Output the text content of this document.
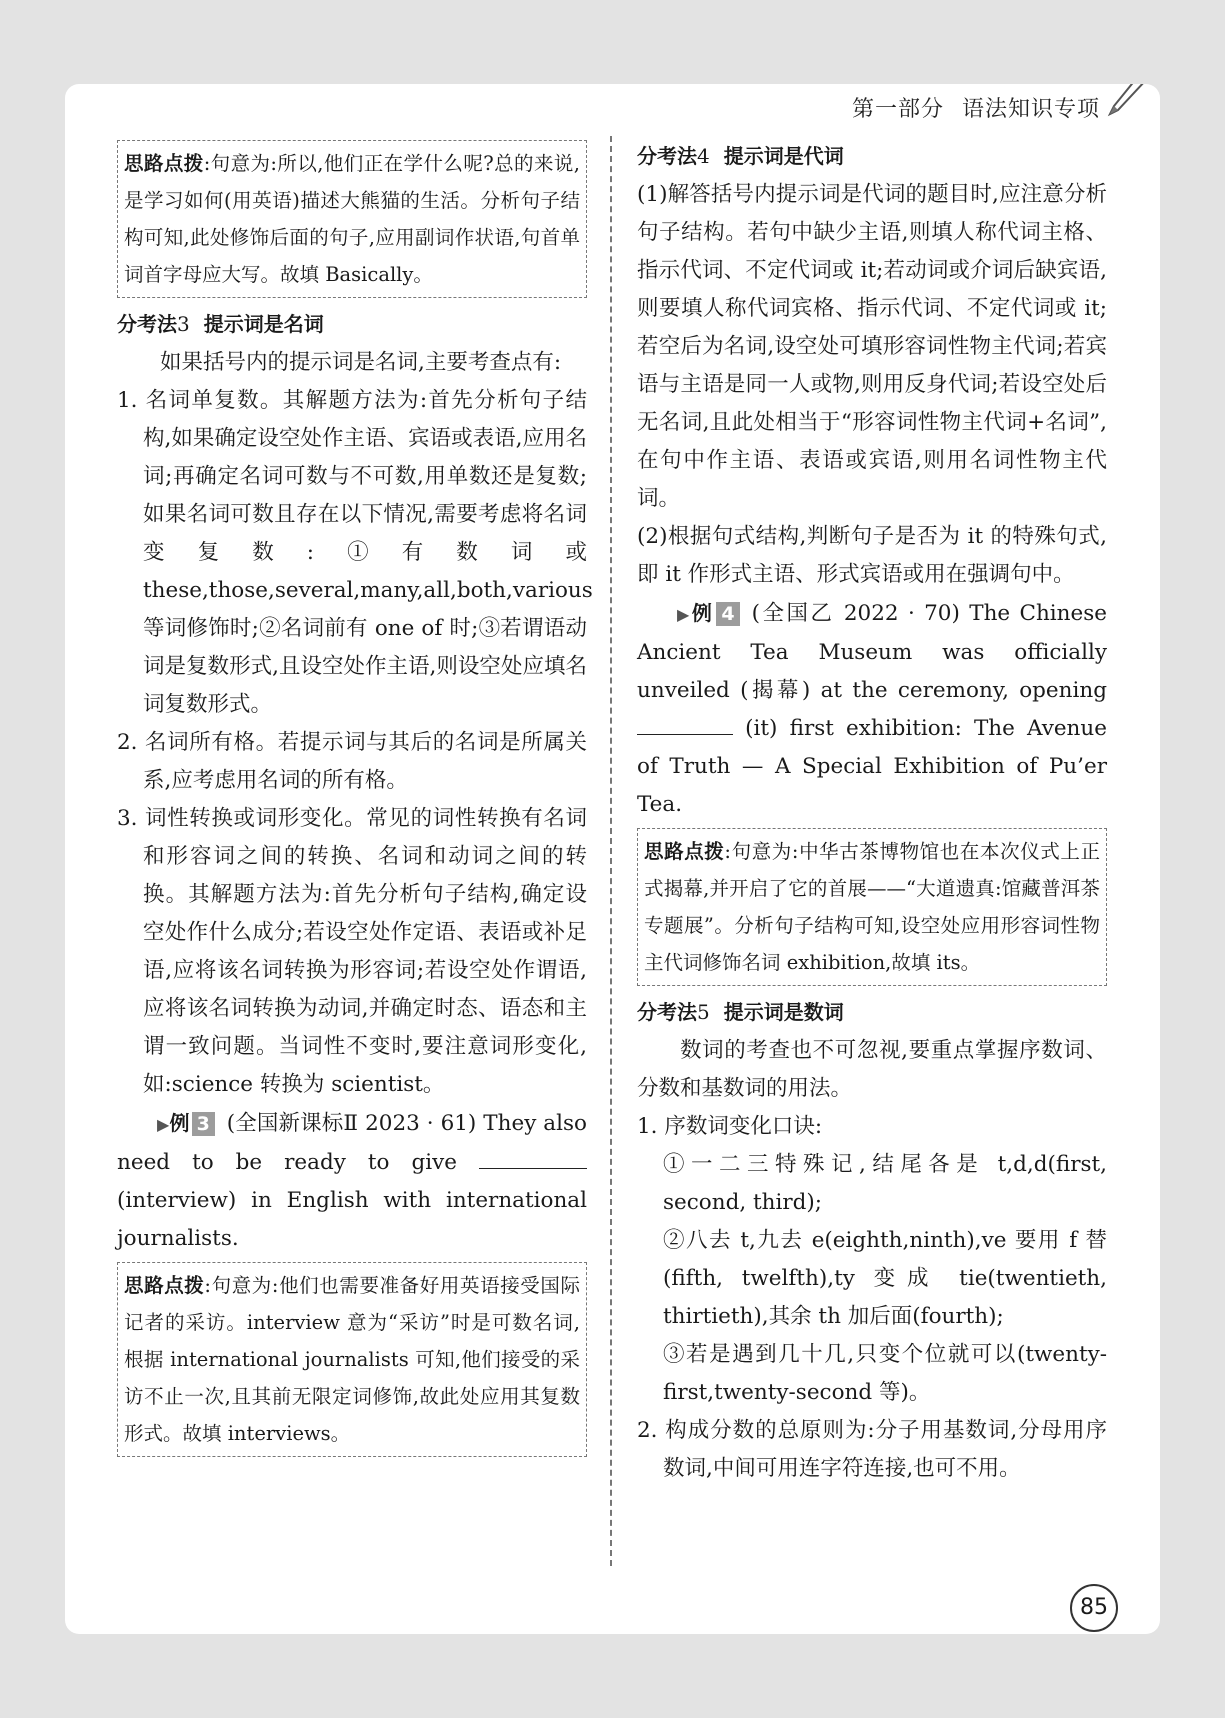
第一部分 语法知识专项
思路点拨:句意为:所以,他们正在学什么呢?总的来说,是学习如何(用英语)描述大熊猫的生活。分析句子结构可知,此处修饰后面的句子,应用副词作状语,句首单词首字母应大写。故填 Basically。

分考法3 提示词是名词

如果括号内的提示词是名词,主要考查点有:

1. 名词单复数。其解题方法为:首先分析句子结构,如果确定设空处作主语、宾语或表语,应用名词;再确定名词可数与不可数,用单数还是复数;如果名词可数且存在以下情况,需要考虑将名词变复数:①有数词或 these,those,several,many,all,both,various 等词修饰时;②名词前有 one of 时;③若谓语动词是复数形式,且设空处作主语,则设空处应填名词复数形式。

2. 名词所有格。若提示词与其后的名词是所属关系,应考虑用名词的所有格。

3. 词性转换或词形变化。常见的词性转换有名词和形容词之间的转换、名词和动词之间的转换。其解题方法为:首先分析句子结构,确定设空处作什么成分;若设空处作定语、表语或补足语,应将该名词转换为形容词;若设空处作谓语,应将该名词转换为动词,并确定时态、语态和主谓一致问题。当词性不变时,要注意词形变化,如:science 转换为 scientist。

▶例 3 (全国新课标Ⅱ 2023 · 61) They also need to be ready to give  (interview) in English with international journalists.

思路点拨:句意为:他们也需要准备好用英语接受国际记者的采访。interview 意为“采访”时是可数名词,根据 international journalists 可知,他们接受的采访不止一次,且其前无限定词修饰,故此处应用其复数形式。故填 interviews。

分考法4 提示词是代词

(1)解答括号内提示词是代词的题目时,应注意分析句子结构。若句中缺少主语,则填人称代词主格、指示代词、不定代词或 it;若动词或介词后缺宾语,则要填人称代词宾格、指示代词、不定代词或 it;若空后为名词,设空处可填形容词性物主代词;若宾语与主语是同一人或物,则用反身代词;若设空处后无名词,且此处相当于“形容词性物主代词+名词”,在句中作主语、表语或宾语,则用名词性物主代词。

(2)根据句式结构,判断句子是否为 it 的特殊句式,即 it 作形式主语、形式宾语或用在强调句中。

▶例 4 (全国乙 2022 · 70) The Chinese Ancient Tea Museum was officially unveiled (揭幕) at the ceremony, opening  (it) first exhibition: The Avenue of Truth — A Special Exhibition of Pu’er Tea.

思路点拨:句意为:中华古茶博物馆也在本次仪式上正式揭幕,并开启了它的首展——“大道遗真:馆藏普洱茶专题展”。分析句子结构可知,设空处应用形容词性物主代词修饰名词 exhibition,故填 its。

分考法5 提示词是数词

数词的考查也不可忽视,要重点掌握序数词、分数和基数词的用法。

1. 序数词变化口诀:

①一二三特殊记,结尾各是 t,d,d(first, second, third);

②八去 t,九去 e(eighth,ninth),ve 要用 f 替(fifth, twelfth),ty 变成 tie(twentieth, thirtieth),其余 th 加后面(fourth);

③若是遇到几十几,只变个位就可以(twenty-first,twenty-second 等)。

2. 构成分数的总原则为:分子用基数词,分母用序数词,中间可用连字符连接,也可不用。

85
